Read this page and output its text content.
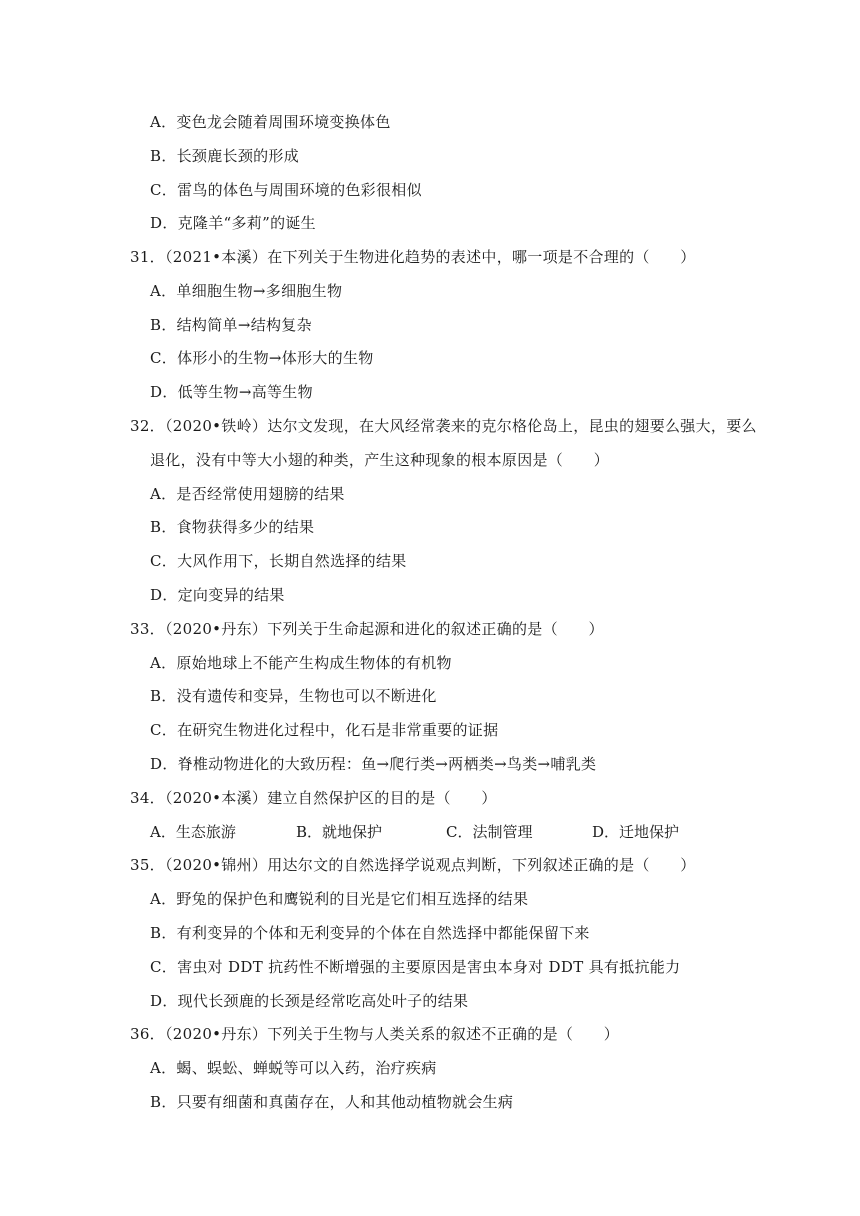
A．变色龙会随着周围环境变换体色
B．长颈鹿长颈的形成
C．雷鸟的体色与周围环境的色彩很相似
D．克隆羊“多莉”的诞生
31．（2021•本溪）在下列关于生物进化趋势的表述中，哪一项是不合理的（　　）
A．单细胞生物→多细胞生物
B．结构简单→结构复杂
C．体形小的生物→体形大的生物
D．低等生物→高等生物
32．（2020•铁岭）达尔文发现，在大风经常袭来的克尔格伦岛上，昆虫的翅要么强大，要么
退化，没有中等大小翅的种类，产生这种现象的根本原因是（　　）
A．是否经常使用翅膀的结果
B．食物获得多少的结果
C．大风作用下，长期自然选择的结果
D．定向变异的结果
33．（2020•丹东）下列关于生命起源和进化的叙述正确的是（　　）
A．原始地球上不能产生构成生物体的有机物
B．没有遗传和变异，生物也可以不断进化
C．在研究生物进化过程中，化石是非常重要的证据
D．脊椎动物进化的大致历程：鱼→爬行类→两栖类→鸟类→哺乳类
34．（2020•本溪）建立自然保护区的目的是（　　）
A．生态旅游	B．就地保护	C．法制管理	D．迁地保护
35．（2020•锦州）用达尔文的自然选择学说观点判断，下列叙述正确的是（　　）
A．野兔的保护色和鹰锐利的目光是它们相互选择的结果
B．有利变异的个体和无利变异的个体在自然选择中都能保留下来
C．害虫对 DDT 抗药性不断增强的主要原因是害虫本身对 DDT 具有抵抗能力
D．现代长颈鹿的长颈是经常吃高处叶子的结果
36．（2020•丹东）下列关于生物与人类关系的叙述不正确的是（　　）
A．蝎、蜈蚣、蝉蜕等可以入药，治疗疾病
B．只要有细菌和真菌存在，人和其他动植物就会生病
